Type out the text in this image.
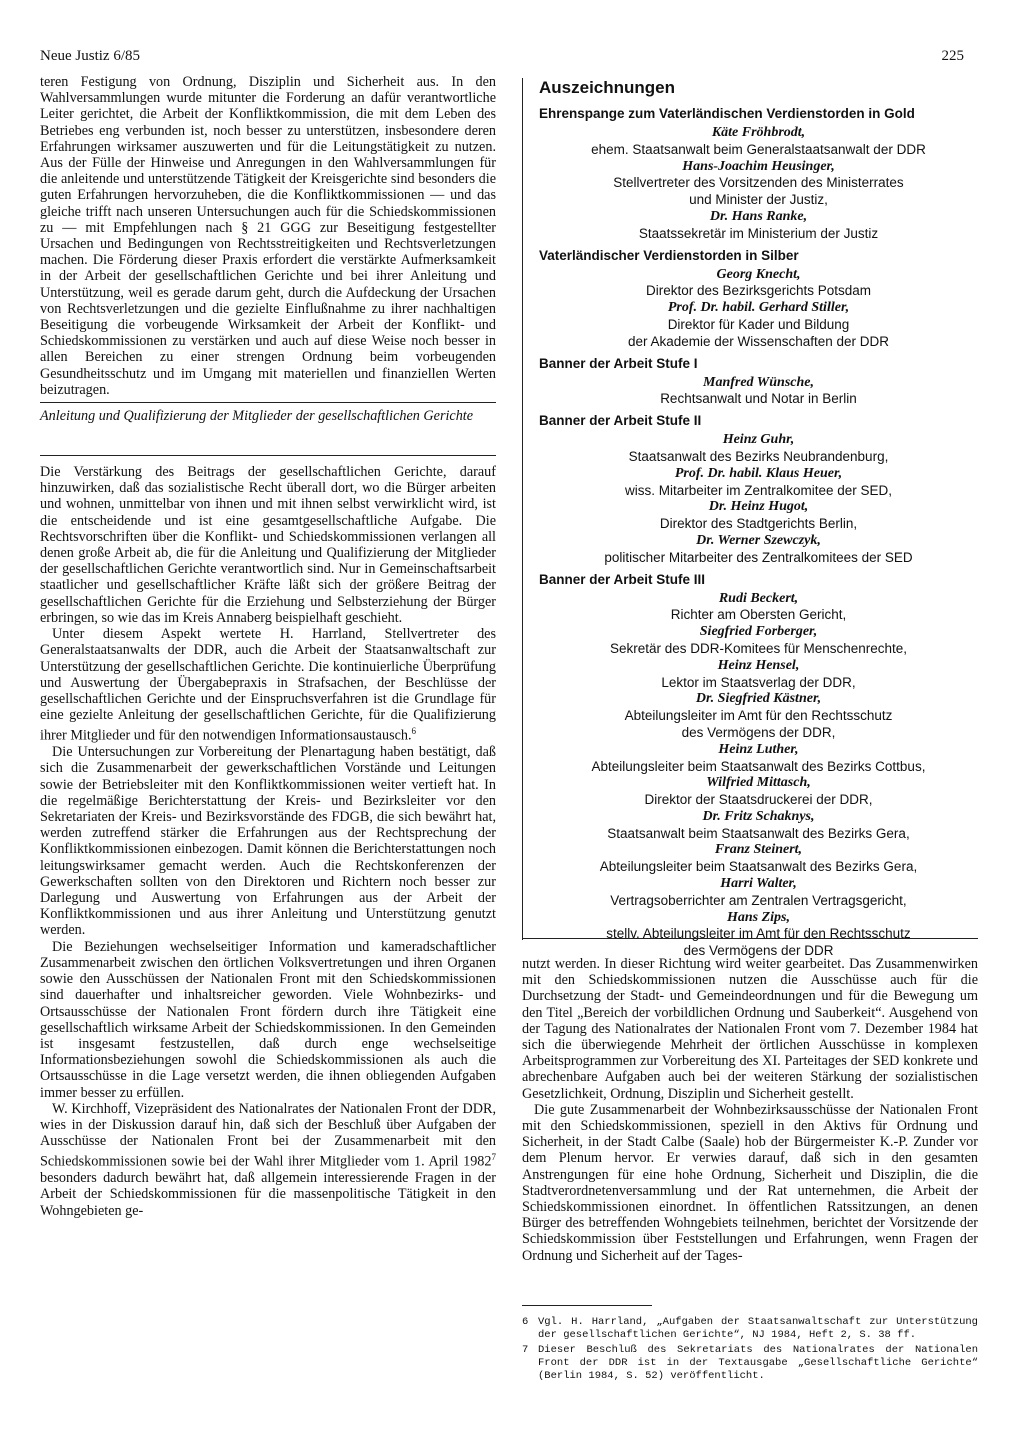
Neue Justiz 6/85	225

teren Festigung von Ordnung, Disziplin und Sicherheit aus. In den Wahlversammlungen wurde mitunter die Forderung an dafür verantwortliche Leiter gerichtet, die Arbeit der Konfliktkommission, die mit dem Leben des Betriebes eng verbunden ist, noch besser zu unterstützen, insbesondere deren Erfahrungen wirksamer auszuwerten und für die Leitungstätigkeit zu nutzen. Aus der Fülle der Hinweise und Anregungen in den Wahlversammlungen für die anleitende und unterstützende Tätigkeit der Kreisgerichte sind besonders die guten Erfahrungen hervorzuheben, die die Konfliktkommissionen — und das gleiche trifft nach unseren Untersuchungen auch für die Schiedskommissionen zu — mit Empfehlungen nach § 21 GGG zur Beseitigung festgestellter Ursachen und Bedingungen von Rechtsstreitigkeiten und Rechtsverletzungen machen. Die Förderung dieser Praxis erfordert die verstärkte Aufmerksamkeit in der Arbeit der gesellschaftlichen Gerichte und bei ihrer Anleitung und Unterstützung, weil es gerade darum geht, durch die Aufdeckung der Ursachen von Rechtsverletzungen und die gezielte Einflußnahme zu ihrer nachhaltigen Beseitigung die vorbeugende Wirksamkeit der Arbeit der Konflikt- und Schiedskommissionen zu verstärken und auch auf diese Weise noch besser in allen Bereichen zu einer strengen Ordnung beim vorbeugenden Gesundheitsschutz und im Umgang mit materiellen und finanziellen Werten beizutragen.

Anleitung und Qualifizierung der Mitglieder der gesellschaftlichen Gerichte

Die Verstärkung des Beitrags der gesellschaftlichen Gerichte, darauf hinzuwirken, daß das sozialistische Recht überall dort, wo die Bürger arbeiten und wohnen, unmittelbar von ihnen und mit ihnen selbst verwirklicht wird, ist die entscheidende und ist eine gesamtgesellschaftliche Aufgabe. Die Rechtsvorschriften über die Konflikt- und Schiedskommissionen verlangen all denen große Arbeit ab, die für die Anleitung und Qualifizierung der Mitglieder der gesellschaftlichen Gerichte verantwortlich sind. Nur in Gemeinschaftsarbeit staatlicher und gesellschaftlicher Kräfte läßt sich der größere Beitrag der gesellschaftlichen Gerichte für die Erziehung und Selbsterziehung der Bürger erbringen, so wie das im Kreis Annaberg beispielhaft geschieht.

Unter diesem Aspekt wertete H. Harrland, Stellvertreter des Generalstaatsanwalts der DDR, auch die Arbeit der Staatsanwaltschaft zur Unterstützung der gesellschaftlichen Gerichte. Die kontinuierliche Überprüfung und Auswertung der Übergabepraxis in Strafsachen, der Beschlüsse der gesellschaftlichen Gerichte und der Einspruchsverfahren ist die Grundlage für eine gezielte Anleitung der gesellschaftlichen Gerichte, für die Qualifizierung ihrer Mitglieder und für den notwendigen Informationsaustausch.$^6$

Die Untersuchungen zur Vorbereitung der Plenartagung haben bestätigt, daß sich die Zusammenarbeit der gewerkschaftlichen Vorstände und Leitungen sowie der Betriebsleiter mit den Konfliktkommissionen weiter vertieft hat. In die regelmäßige Berichterstattung der Kreis- und Bezirksleiter vor den Sekretariaten der Kreis- und Bezirksvorstände des FDGB, die sich bewährt hat, werden zutreffend stärker die Erfahrungen aus der Rechtsprechung der Konfliktkommissionen einbezogen. Damit können die Berichterstattungen noch leitungswirksamer gemacht werden. Auch die Rechtskonferenzen der Gewerkschaften sollten von den Direktoren und Richtern noch besser zur Darlegung und Auswertung von Erfahrungen aus der Arbeit der Konfliktkommissionen und aus ihrer Anleitung und Unterstützung genutzt werden.

Die Beziehungen wechselseitiger Information und kameradschaftlicher Zusammenarbeit zwischen den örtlichen Volksvertretungen und ihren Organen sowie den Ausschüssen der Nationalen Front mit den Schiedskommissionen sind dauerhafter und inhaltsreicher geworden. Viele Wohnbezirks- und Ortsausschüsse der Nationalen Front fördern durch ihre Tätigkeit eine gesellschaftlich wirksame Arbeit der Schiedskommissionen. In den Gemeinden ist insgesamt festzustellen, daß durch enge wechselseitige Informationsbeziehungen sowohl die Schiedskommissionen als auch die Ortsausschüsse in die Lage versetzt werden, die ihnen obliegenden Aufgaben immer besser zu erfüllen.

W. Kirchhoff, Vizepräsident des Nationalrates der Nationalen Front der DDR, wies in der Diskussion darauf hin, daß sich der Beschluß über Aufgaben der Ausschüsse der Nationalen Front bei der Zusammenarbeit mit den Schiedskommissionen sowie bei der Wahl ihrer Mitglieder vom 1. April 1982$^7$ besonders dadurch bewährt hat, daß allgemein interessierende Fragen in der Arbeit der Schiedskommissionen für die massenpolitische Tätigkeit in den Wohngebieten ge-

Auszeichnungen
Ehrenspange zum Vaterländischen Verdienstorden in Gold
Käte Fröhbrodt,
ehem. Staatsanwalt beim Generalstaatsanwalt der DDR
Hans-Joachim Heusinger,
Stellvertreter des Vorsitzenden des Ministerrates
und Minister der Justiz,
Dr. Hans Ranke,
Staatssekretär im Ministerium der Justiz
Vaterländischer Verdienstorden in Silber
Georg Knecht,
Direktor des Bezirksgerichts Potsdam
Prof. Dr. habil. Gerhard Stiller,
Direktor für Kader und Bildung
der Akademie der Wissenschaften der DDR
Banner der Arbeit Stufe I
Manfred Wünsche,
Rechtsanwalt und Notar in Berlin
Banner der Arbeit Stufe II
Heinz Guhr,
Staatsanwalt des Bezirks Neubrandenburg,
Prof. Dr. habil. Klaus Heuer,
wiss. Mitarbeiter im Zentralkomitee der SED,
Dr. Heinz Hugot,
Direktor des Stadtgerichts Berlin,
Dr. Werner Szewczyk,
politischer Mitarbeiter des Zentralkomitees der SED
Banner der Arbeit Stufe III
Rudi Beckert,
Richter am Obersten Gericht,
Siegfried Forberger,
Sekretär des DDR-Komitees für Menschenrechte,
Heinz Hensel,
Lektor im Staatsverlag der DDR,
Dr. Siegfried Kästner,
Abteilungsleiter im Amt für den Rechtsschutz
des Vermögens der DDR,
Heinz Luther,
Abteilungsleiter beim Staatsanwalt des Bezirks Cottbus,
Wilfried Mittasch,
Direktor der Staatsdruckerei der DDR,
Dr. Fritz Schaknys,
Staatsanwalt beim Staatsanwalt des Bezirks Gera,
Franz Steinert,
Abteilungsleiter beim Staatsanwalt des Bezirks Gera,
Harri Walter,
Vertragsoberrichter am Zentralen Vertragsgericht,
Hans Zips,
stellv. Abteilungsleiter im Amt für den Rechtsschutz
des Vermögens der DDR

nutzt werden. In dieser Richtung wird weiter gearbeitet. Das Zusammenwirken mit den Schiedskommissionen nutzen die Ausschüsse auch für die Durchsetzung der Stadt- und Gemeindeordnungen und für die Bewegung um den Titel „Bereich der vorbildlichen Ordnung und Sauberkeit“. Ausgehend von der Tagung des Nationalrates der Nationalen Front vom 7. Dezember 1984 hat sich die überwiegende Mehrheit der örtlichen Ausschüsse in komplexen Arbeitsprogrammen zur Vorbereitung des XI. Parteitages der SED konkrete und abrechenbare Aufgaben auch bei der weiteren Stärkung der sozialistischen Gesetzlichkeit, Ordnung, Disziplin und Sicherheit gestellt.

Die gute Zusammenarbeit der Wohnbezirksausschüsse der Nationalen Front mit den Schiedskommissionen, speziell in den Aktivs für Ordnung und Sicherheit, in der Stadt Calbe (Saale) hob der Bürgermeister K.-P. Zunder vor dem Plenum hervor. Er verwies darauf, daß sich in den gesamten Anstrengungen für eine hohe Ordnung, Sicherheit und Disziplin, die die Stadtverordnetenversammlung und der Rat unternehmen, die Arbeit der Schiedskommissionen einordnet. In öffentlichen Ratssitzungen, an denen Bürger des betreffenden Wohngebiets teilnehmen, berichtet der Vorsitzende der Schiedskommission über Feststellungen und Erfahrungen, wenn Fragen der Ordnung und Sicherheit auf der Tages-

6 Vgl. H. Harrland, „Aufgaben der Staatsanwaltschaft zur Unterstützung der gesellschaftlichen Gerichte“, NJ 1984, Heft 2, S. 38 ff.
7 Dieser Beschluß des Sekretariats des Nationalrates der Nationalen Front der DDR ist in der Textausgabe „Gesellschaftliche Gerichte“ (Berlin 1984, S. 52) veröffentlicht.
